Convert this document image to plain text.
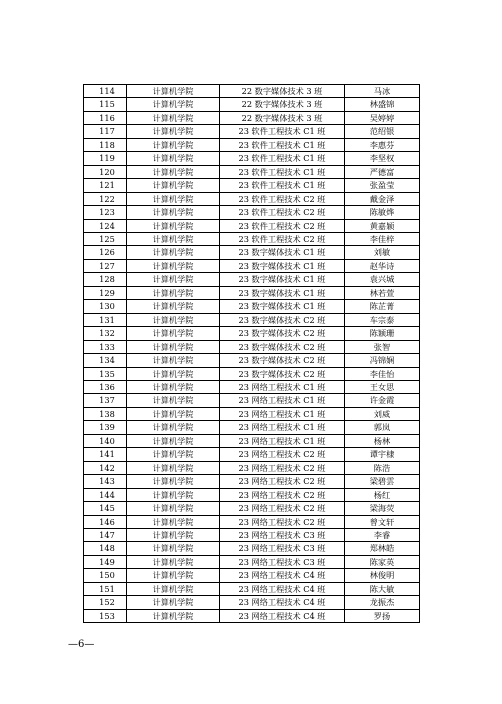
114	计算机学院	22 数字媒体技术 3 班	马冰
115	计算机学院	22 数字媒体技术 3 班	林盛锦
116	计算机学院	22 数字媒体技术 3 班	吴婷婷
117	计算机学院	23 软件工程技术 C1 班	范绍银
118	计算机学院	23 软件工程技术 C1 班	李惠芬
119	计算机学院	23 软件工程技术 C1 班	李坚权
120	计算机学院	23 软件工程技术 C1 班	严德富
121	计算机学院	23 软件工程技术 C1 班	张盈莹
122	计算机学院	23 软件工程技术 C2 班	戴金泽
123	计算机学院	23 软件工程技术 C2 班	陈敏烨
124	计算机学院	23 软件工程技术 C2 班	黄嘉颖
125	计算机学院	23 软件工程技术 C2 班	李佳梓
126	计算机学院	23 数字媒体技术 C1 班	刘敏
127	计算机学院	23 数字媒体技术 C1 班	赵华诗
128	计算机学院	23 数字媒体技术 C1 班	袁兴城
129	计算机学院	23 数字媒体技术 C1 班	林若萱
130	计算机学院	23 数字媒体技术 C1 班	陈芷菁
131	计算机学院	23 数字媒体技术 C2 班	车宗泰
132	计算机学院	23 数字媒体技术 C2 班	陈颖珊
133	计算机学院	23 数字媒体技术 C2 班	张智
134	计算机学院	23 数字媒体技术 C2 班	冯锦娴
135	计算机学院	23 数字媒体技术 C2 班	李佳怡
136	计算机学院	23 网络工程技术 C1 班	王女思
137	计算机学院	23 网络工程技术 C1 班	许金霞
138	计算机学院	23 网络工程技术 C1 班	刘威
139	计算机学院	23 网络工程技术 C1 班	郭岚
140	计算机学院	23 网络工程技术 C1 班	杨林
141	计算机学院	23 网络工程技术 C2 班	谭宇棣
142	计算机学院	23 网络工程技术 C2 班	陈浩
143	计算机学院	23 网络工程技术 C2 班	梁碧雲
144	计算机学院	23 网络工程技术 C2 班	杨红
145	计算机学院	23 网络工程技术 C2 班	梁海荧
146	计算机学院	23 网络工程技术 C2 班	曾文轩
147	计算机学院	23 网络工程技术 C3 班	李睿
148	计算机学院	23 网络工程技术 C3 班	郑林皓
149	计算机学院	23 网络工程技术 C3 班	陈家英
150	计算机学院	23 网络工程技术 C4 班	林俊明
151	计算机学院	23 网络工程技术 C4 班	陈大敏
152	计算机学院	23 网络工程技术 C4 班	龙振杰
153	计算机学院	23 网络工程技术 C4 班	罗扬
—6—
